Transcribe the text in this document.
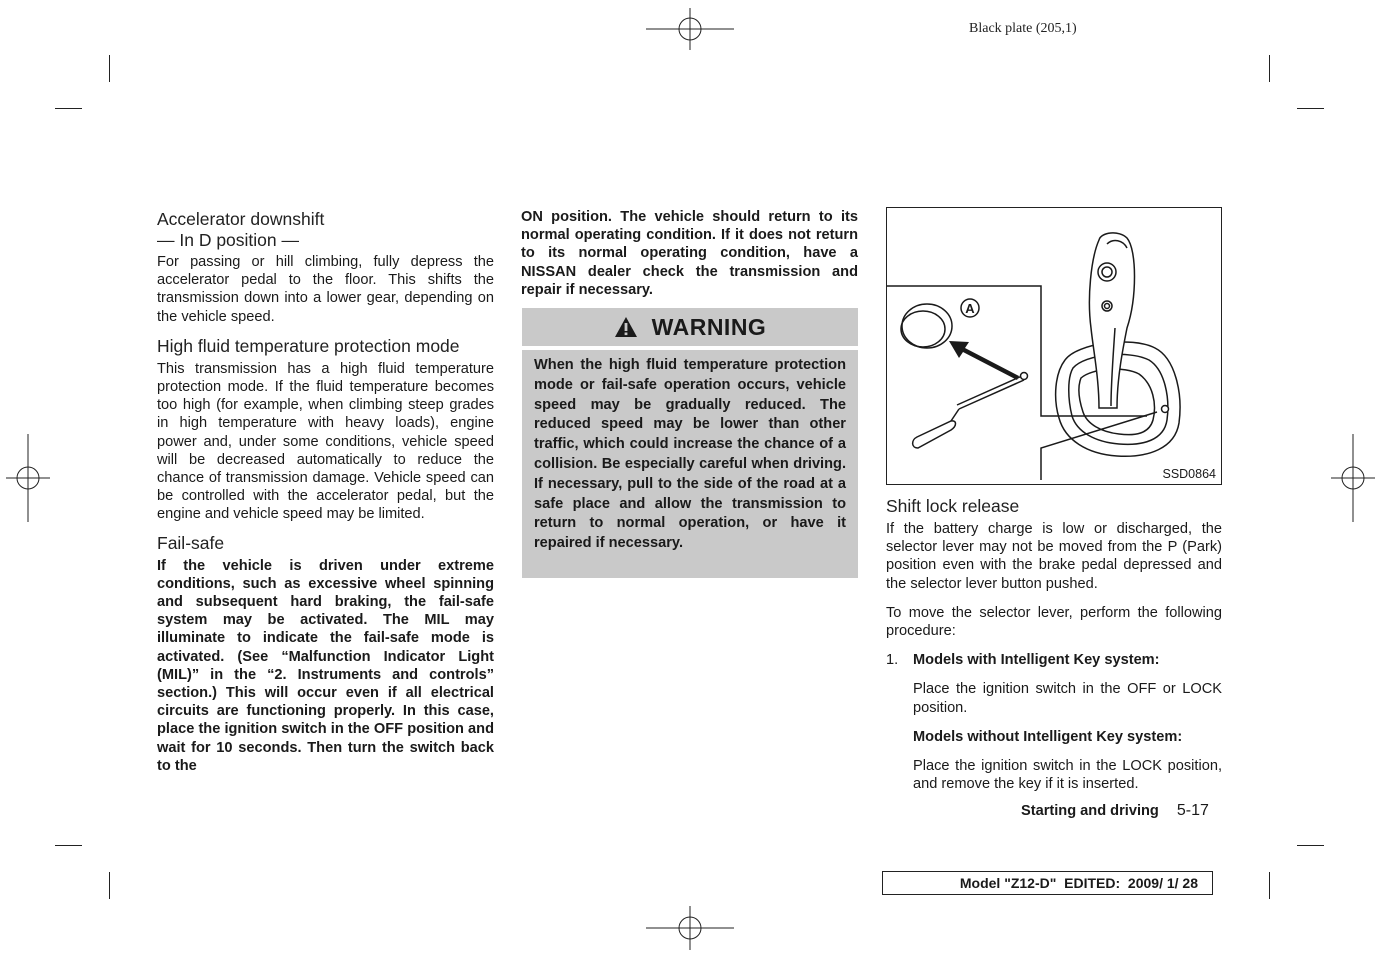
Black plate (205,1)
Accelerator downshift
— In D position —

For passing or hill climbing, fully depress the accelerator pedal to the floor. This shifts the transmission down into a lower gear, depending on the vehicle speed.

High fluid temperature protection mode

This transmission has a high fluid temperature protection mode. If the fluid temperature becomes too high (for example, when climbing steep grades in high temperature with heavy loads), engine power and, under some conditions, vehicle speed will be decreased automatically to reduce the chance of transmission damage. Vehicle speed can be controlled with the accelerator pedal, but the engine and vehicle speed may be limited.

Fail-safe

If the vehicle is driven under extreme conditions, such as excessive wheel spinning and subsequent hard braking, the fail-safe system may be activated. The MIL may illuminate to indicate the fail-safe mode is activated. (See “Malfunction Indicator Light (MIL)” in the “2. Instruments and controls” section.) This will occur even if all electrical circuits are functioning properly. In this case, place the ignition switch in the OFF position and wait for 10 seconds. Then turn the switch back to the

ON position. The vehicle should return to its normal operating condition. If it does not return to its normal operating condition, have a NISSAN dealer check the transmission and repair if necessary.
WARNING
When the high fluid temperature protection mode or fail-safe operation occurs, vehicle speed may be gradually reduced. The reduced speed may be lower than other traffic, which could increase the chance of a collision. Be especially careful when driving. If necessary, pull to the side of the road at a safe place and allow the transmission to return to normal operation, or have it repaired if necessary.
A
SSD0864
Shift lock release

If the battery charge is low or discharged, the selector lever may not be moved from the P (Park) position even with the brake pedal depressed and the selector lever button pushed.

To move the selector lever, perform the following procedure:

1. Models with Intelligent Key system:

Place the ignition switch in the OFF or LOCK position.

Models without Intelligent Key system:

Place the ignition switch in the LOCK position, and remove the key if it is inserted.

Starting and driving 5-17
Model "Z12-D"  EDITED:  2009/ 1/ 28
